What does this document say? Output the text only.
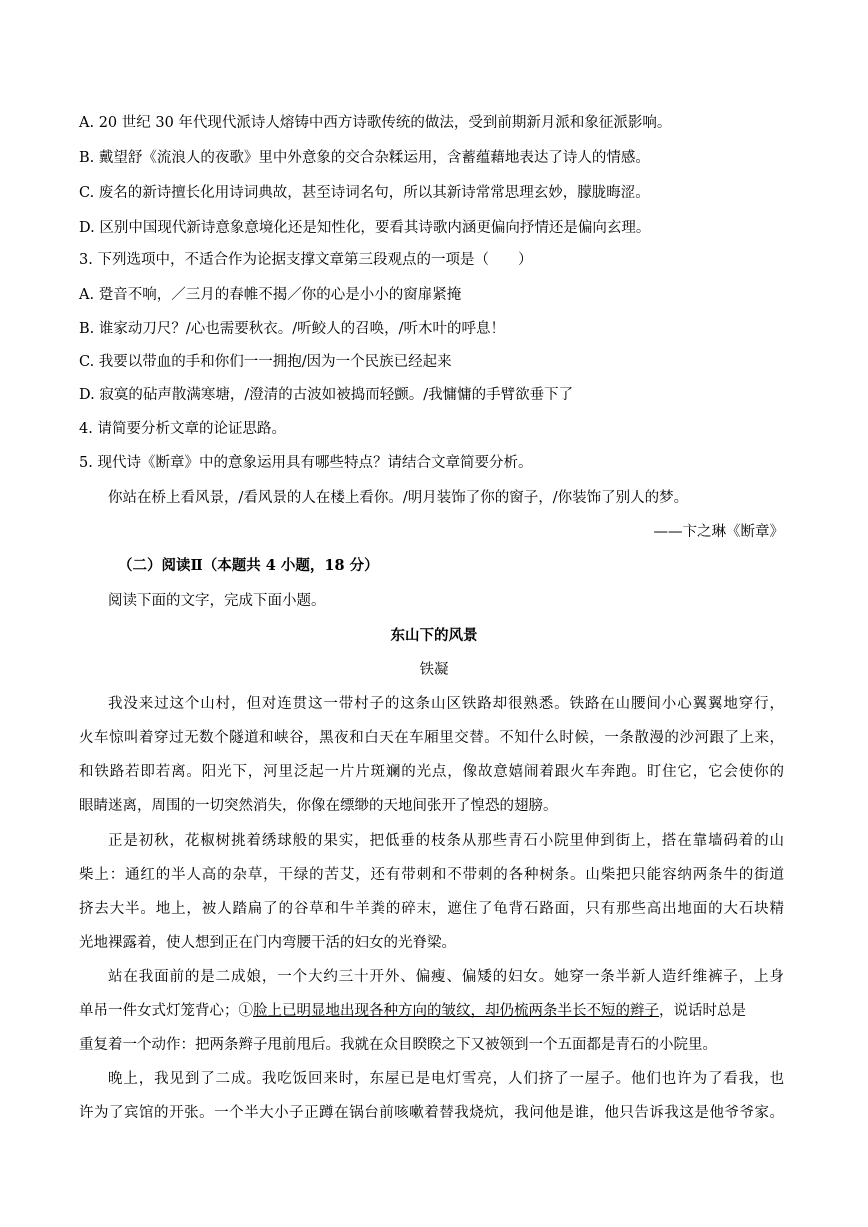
A. 20 世纪 30 年代现代派诗人熔铸中西方诗歌传统的做法，受到前期新月派和象征派影响。
B. 戴望舒《流浪人的夜歌》里中外意象的交合杂糅运用，含蓄蕴藉地表达了诗人的情感。
C. 废名的新诗擅长化用诗词典故，甚至诗词名句，所以其新诗常常思理玄妙，朦胧晦涩。
D. 区别中国现代新诗意象意境化还是知性化，要看其诗歌内涵更偏向抒情还是偏向玄理。
3. 下列选项中，不适合作为论据支撑文章第三段观点的一项是（　　）
A. 跫音不响，／三月的春帷不揭／你的心是小小的窗扉紧掩
B. 谁家动刀尺？/心也需要秋衣。/听鲛人的召唤，/听木叶的呼息！
C. 我要以带血的手和你们一一拥抱/因为一个民族已经起来
D. 寂寞的砧声散满寒塘，/澄清的古波如被捣而轻颤。/我慵慵的手臂欲垂下了
4. 请简要分析文章的论证思路。
5. 现代诗《断章》中的意象运用具有哪些特点？请结合文章简要分析。
你站在桥上看风景，/看风景的人在楼上看你。/明月装饰了你的窗子，/你装饰了别人的梦。
——卞之琳《断章》
（二）阅读Ⅱ（本题共 4 小题，18 分）
阅读下面的文字，完成下面小题。
东山下的风景
铁凝
我没来过这个山村，但对连贯这一带村子的这条山区铁路却很熟悉。铁路在山腰间小心翼翼地穿行，
火车惊叫着穿过无数个隧道和峡谷，黑夜和白天在车厢里交替。不知什么时候，一条散漫的沙河跟了上来，
和铁路若即若离。阳光下，河里泛起一片片斑斓的光点，像故意嬉闹着跟火车奔跑。盯住它，它会使你的
眼睛迷离，周围的一切突然消失，你像在缥缈的天地间张开了惶恐的翅膀。
正是初秋，花椒树挑着绣球般的果实，把低垂的枝条从那些青石小院里伸到街上，搭在靠墙码着的山
柴上：通红的半人高的杂草，干绿的苦艾，还有带刺和不带刺的各种树条。山柴把只能容纳两条牛的街道
挤去大半。地上，被人踏扁了的谷草和牛羊粪的碎末，遮住了龟背石路面，只有那些高出地面的大石块精
光地裸露着，使人想到正在门内弯腰干活的妇女的光脊梁。
站在我面前的是二成娘，一个大约三十开外、偏瘦、偏矮的妇女。她穿一条半新人造纤维裤子，上身
单吊一件女式灯笼背心；①脸上已明显地出现各种方向的皱纹，却仍梳两条半长不短的辫子，说话时总是
重复着一个动作：把两条辫子甩前甩后。我就在众目睽睽之下又被领到一个五面都是青石的小院里。
晚上，我见到了二成。我吃饭回来时，东屋已是电灯雪亮，人们挤了一屋子。他们也许为了看我，也
许为了宾馆的开张。一个半大小子正蹲在锅台前咳嗽着替我烧炕，我问他是谁，他只告诉我这是他爷爷家。
